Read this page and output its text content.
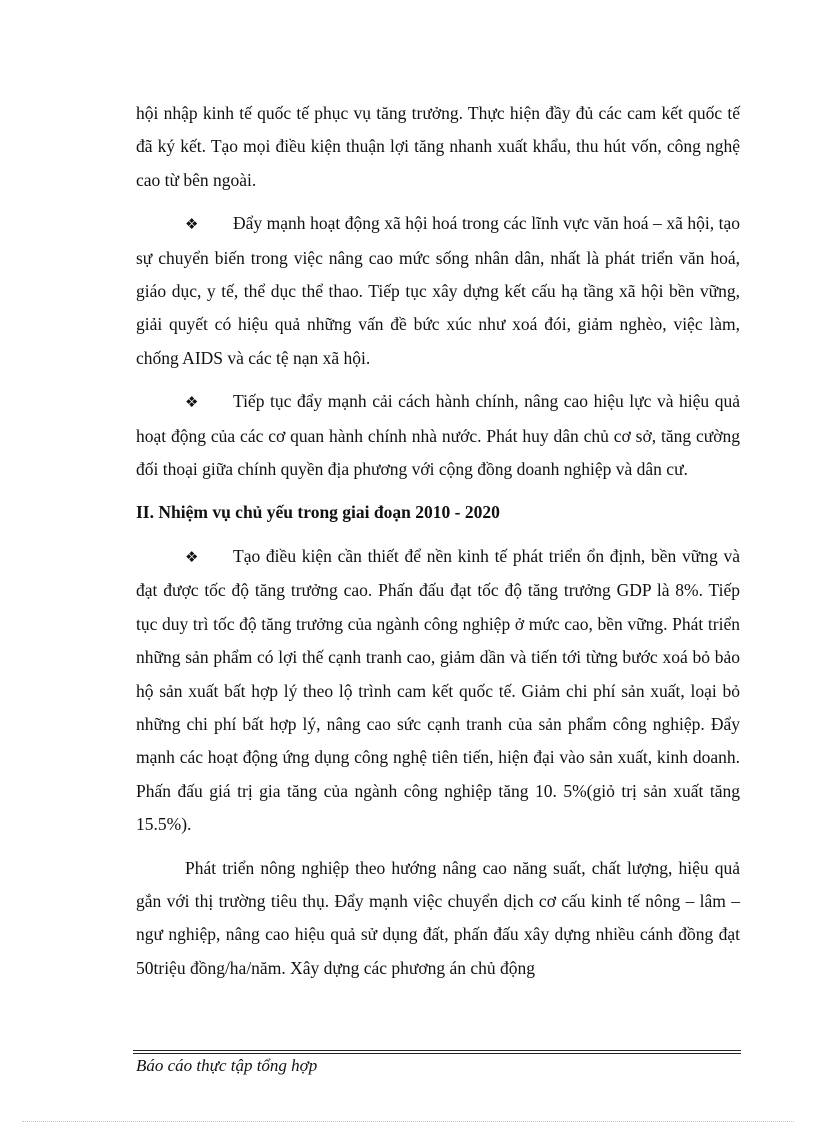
hội nhập kinh tế quốc tế phục vụ tăng trưởng. Thực hiện đầy đủ các cam kết quốc tế đã ký kết. Tạo mọi điều kiện thuận lợi tăng nhanh xuất khẩu, thu hút vốn, công nghệ cao từ bên ngoài.

❖ Đẩy mạnh hoạt động xã hội hoá trong các lĩnh vực văn hoá – xã hội, tạo sự chuyển biến trong việc nâng cao mức sống nhân dân, nhất là phát triển văn hoá, giáo dục, y tế, thể dục thể thao. Tiếp tục xây dựng kết cấu hạ tầng xã hội bền vững, giải quyết có hiệu quả những vấn đề bức xúc như xoá đói, giảm nghèo, việc làm, chống AIDS và các tệ nạn xã hội.

❖ Tiếp tục đẩy mạnh cải cách hành chính, nâng cao hiệu lực và hiệu quả hoạt động của các cơ quan hành chính nhà nước. Phát huy dân chủ cơ sở, tăng cường đối thoại giữa chính quyền địa phương với cộng đồng doanh nghiệp và dân cư.

II. Nhiệm vụ chủ yếu trong giai đoạn 2010 - 2020

❖ Tạo điều kiện cần thiết để nền kinh tế phát triển ổn định, bền vững và đạt được tốc độ tăng trưởng cao. Phấn đấu đạt tốc độ tăng trưởng GDP là 8%. Tiếp tục duy trì tốc độ tăng trưởng của ngành công nghiệp ở mức cao, bền vững. Phát triển những sản phẩm có lợi thế cạnh tranh cao, giảm dần và tiến tới từng bước xoá bỏ bảo hộ sản xuất bất hợp lý theo lộ trình cam kết quốc tế. Giảm chi phí sản xuất, loại bỏ những chi phí bất hợp lý, nâng cao sức cạnh tranh của sản phẩm công nghiệp. Đẩy mạnh các hoạt động ứng dụng công nghệ tiên tiến, hiện đại vào sản xuất, kinh doanh. Phấn đấu giá trị gia tăng của ngành công nghiệp tăng 10. 5%(giỏ trị sản xuất tăng 15.5%).

Phát triển nông nghiệp theo hướng nâng cao năng suất, chất lượng, hiệu quả gắn với thị trường tiêu thụ. Đẩy mạnh việc chuyển dịch cơ cấu kinh tế nông – lâm – ngư nghiệp, nâng cao hiệu quả sử dụng đất, phấn đấu xây dựng nhiều cánh đồng đạt 50triệu đồng/ha/năm. Xây dựng các phương án chủ động

Báo cáo thực tập tổng hợp
